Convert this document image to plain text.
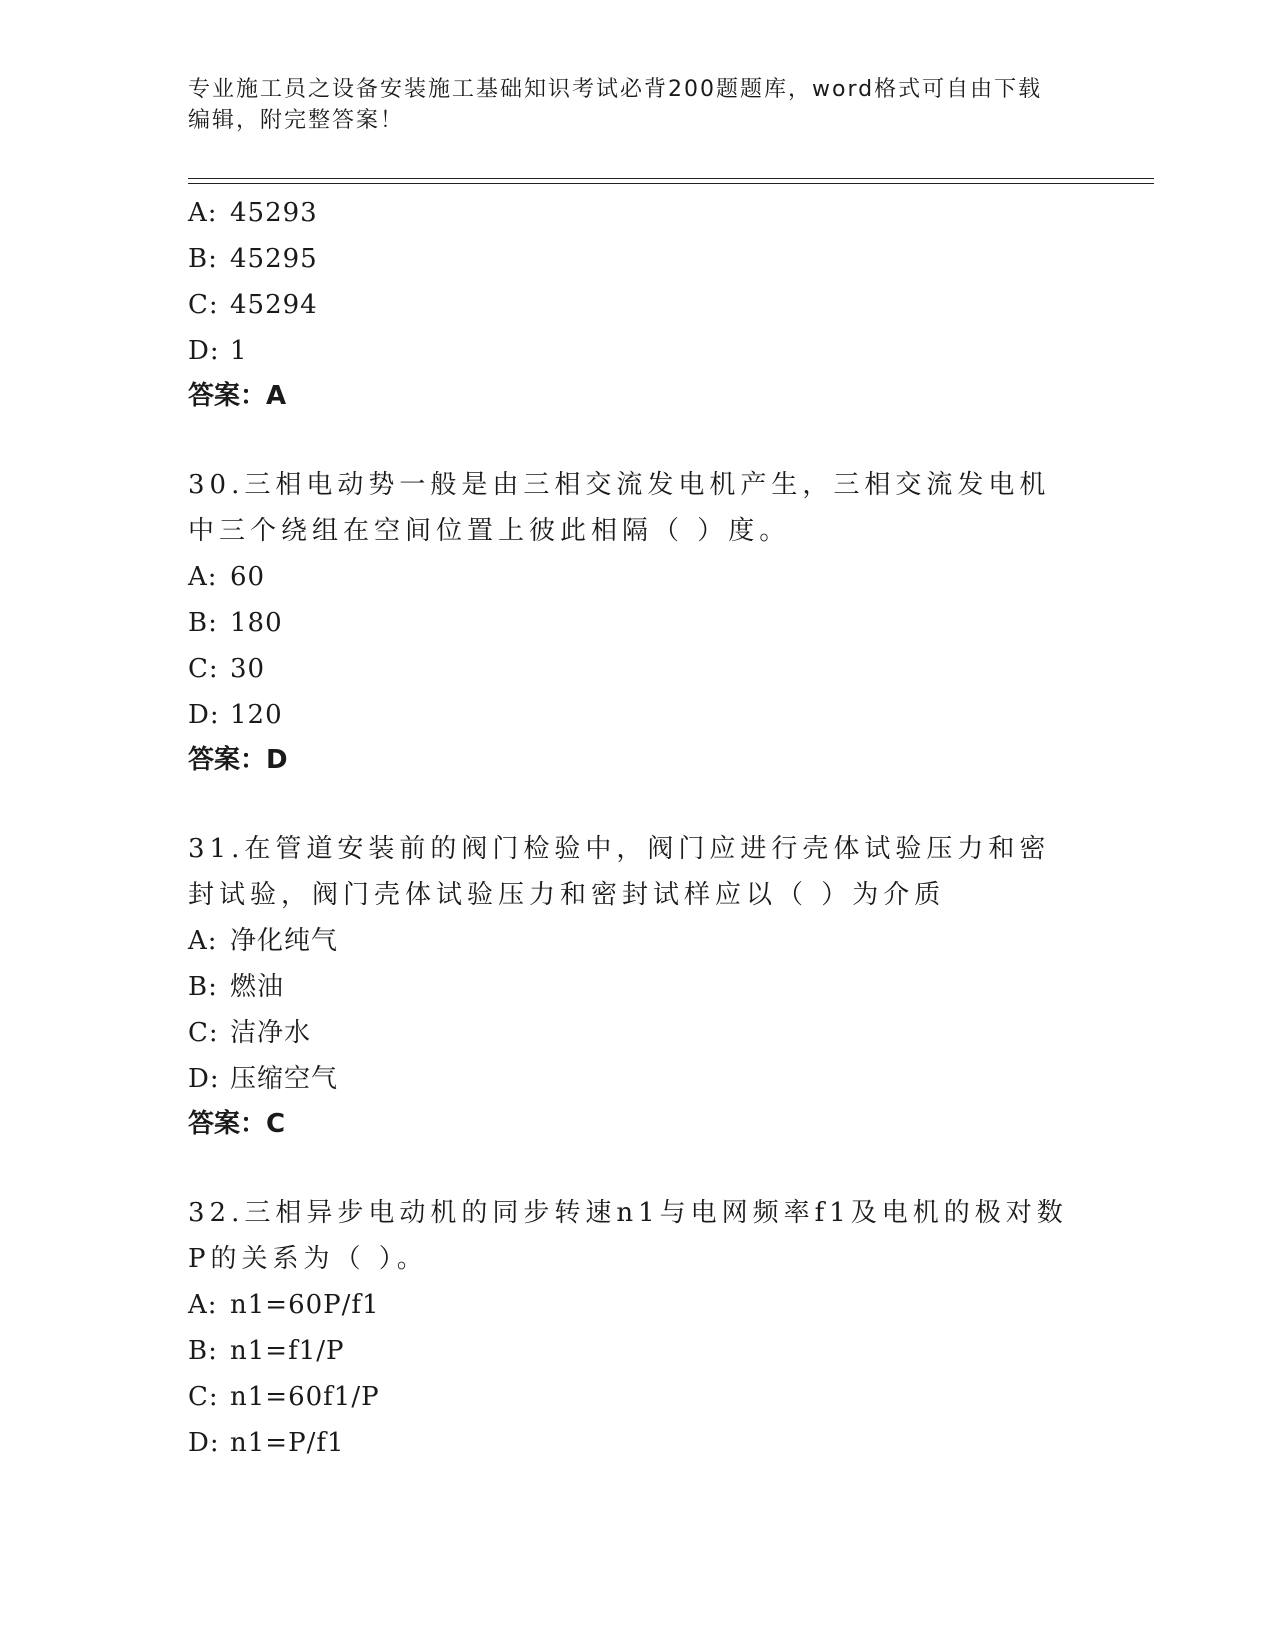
专业施工员之设备安装施工基础知识考试必背200题题库，word格式可自由下载
编辑，附完整答案！
A: 45293
B: 45295
C: 45294
D: 1
答案：A
30.三相电动势一般是由三相交流发电机产生，三相交流发电机中三个绕组在空间位置上彼此相隔（ ）度。
A: 60
B: 180
C: 30
D: 120
答案：D
31.在管道安装前的阀门检验中，阀门应进行壳体试验压力和密封试验，阀门壳体试验压力和密封试样应以（ ）为介质
A: 净化纯气
B: 燃油
C: 洁净水
D: 压缩空气
答案：C
32.三相异步电动机的同步转速n1与电网频率f1及电机的极对数P的关系为（ ）。
A: n1=60P/f1
B: n1=f1/P
C: n1=60f1/P
D: n1=P/f1
